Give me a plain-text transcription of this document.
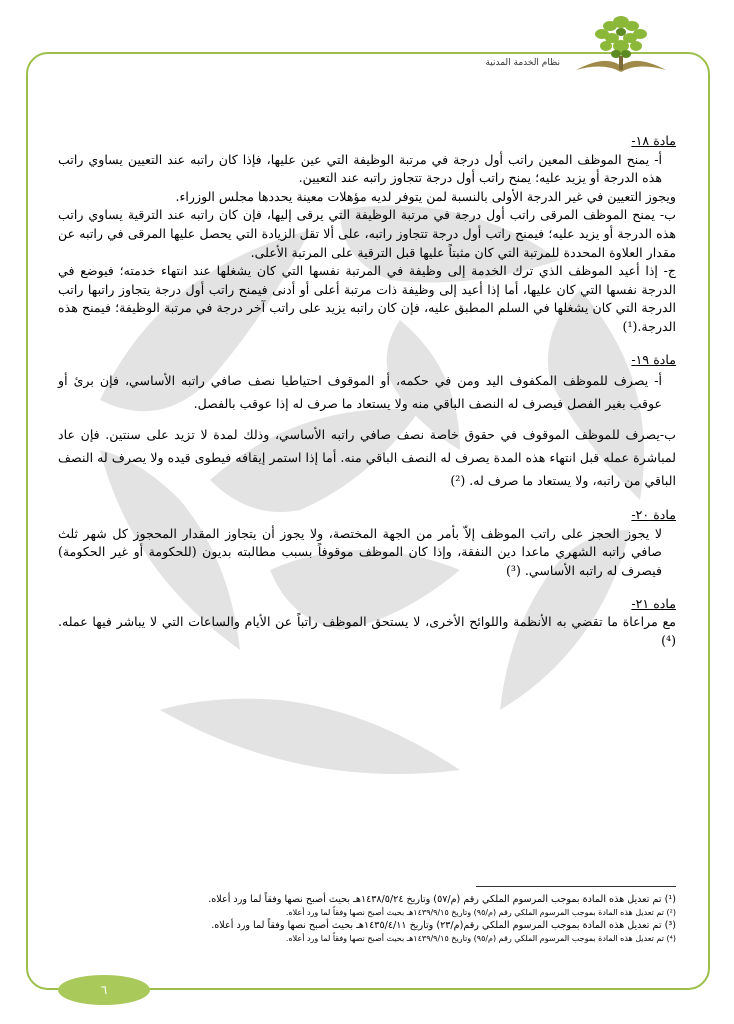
نظام الخدمة المدنية
مادة ١٨-

أ- يمنح الموظف المعين راتب أول درجة في مرتبة الوظيفة التي عين عليها، فإذا كان راتبه عند التعيين يساوي راتب هذه الدرجة أو يزيد عليه؛ يمنح راتب أول درجة تتجاوز راتبه عند التعيين.

ويجوز التعيين في غير الدرجة الأولى بالنسبة لمن يتوفر لديه مؤهلات معينة يحددها مجلس الوزراء.

ب- يمنح الموظف المرقى راتب أول درجة في مرتبة الوظيفة التي يرقى إليها، فإن كان راتبه عند الترقية يساوي راتب هذه الدرجة أو يزيد عليه؛ فيمنح راتب أول درجة تتجاوز راتبه، على ألا تقل الزيادة التي يحصل عليها المرقى في راتبه عن مقدار العلاوة المحددة للمرتبة التي كان مثبتاً عليها قبل الترقية على المرتبة الأعلى.

ج- إذا أعيد الموظف الذي ترك الخدمة إلى وظيفة في المرتبة نفسها التي كان يشغلها عند انتهاء خدمته؛ فيوضع في الدرجة نفسها التي كان عليها، أما إذا أعيد إلى وظيفة ذات مرتبة أعلى أو أدنى فيمنح راتب أول درجة يتجاوز راتبها راتب الدرجة التي كان يشغلها في السلم المطبق عليه، فإن كان راتبه يزيد على راتب آخر درجة في مرتبة الوظيفة؛ فيمنح هذه الدرجة.(¹)

مادة ١٩-

أ- يصرف للموظف المكفوف اليد ومن في حكمه، أو الموقوف احتياطيا نصف صافي راتبه الأساسي، فإن برئ أو عوقب بغير الفصل فيصرف له النصف الباقي منه ولا يستعاد ما صرف له إذا عوقب بالفصل.

ب-يصرف للموظف الموقوف في حقوق خاصة نصف صافي راتبه الأساسي، وذلك لمدة لا تزيد على سنتين. فإن عاد لمباشرة عمله قبل انتهاء هذه المدة يصرف له النصف الباقي منه. أما إذا استمر إيقافه فيطوى قيده ولا يصرف له النصف الباقي من راتبه، ولا يستعاد ما صرف له. (²)

مادة ٢٠-

لا يجوز الحجز على راتب الموظف إلاّ بأمر من الجهة المختصة، ولا يجوز أن يتجاوز المقدار المحجوز كل شهر ثلث صافي راتبه الشهري ماعدا دين النفقة، وإذا كان الموظف موقوفاً بسبب مطالبته بديون (للحكومة أو غير الحكومة) فيصرف له راتبه الأساسي. (³)

ماده ٢١-

مع مراعاة ما تقضي به الأنظمة واللوائح الأخرى، لا يستحق الموظف راتباً عن الأيام والساعات التي لا يباشر فيها عمله. (⁴)

(¹) تم تعديل هذه المادة بموجب المرسوم الملكي رقم (م/٥٧) وتاريخ ١٤٣٨/٥/٢٤هـ بحيث أصبح نصها وفقاً لما ورد أعلاه.

(²) تم تعديل هذه المادة بموجب المرسوم الملكي رقم (م/٩٥) وتاريخ ١٤٣٩/٩/١٥هـ بحيث أصبح نصها وفقاً لما ورد أعلاه.

(³) تم تعديل هذه المادة بموجب المرسوم الملكي رقم(م/٢٣) وتاريخ ١٤٣٥/٤/١١هـ بحيث أصبح نصها وفقاً لما ورد أعلاه.

(⁴) تم تعديل هذه المادة بموجب المرسوم الملكي رقم (م/٩٥) وتاريخ ١٤٣٩/٩/١٥هـ بحيث أصبح نصها وفقاً لما ورد أعلاه.

٦
